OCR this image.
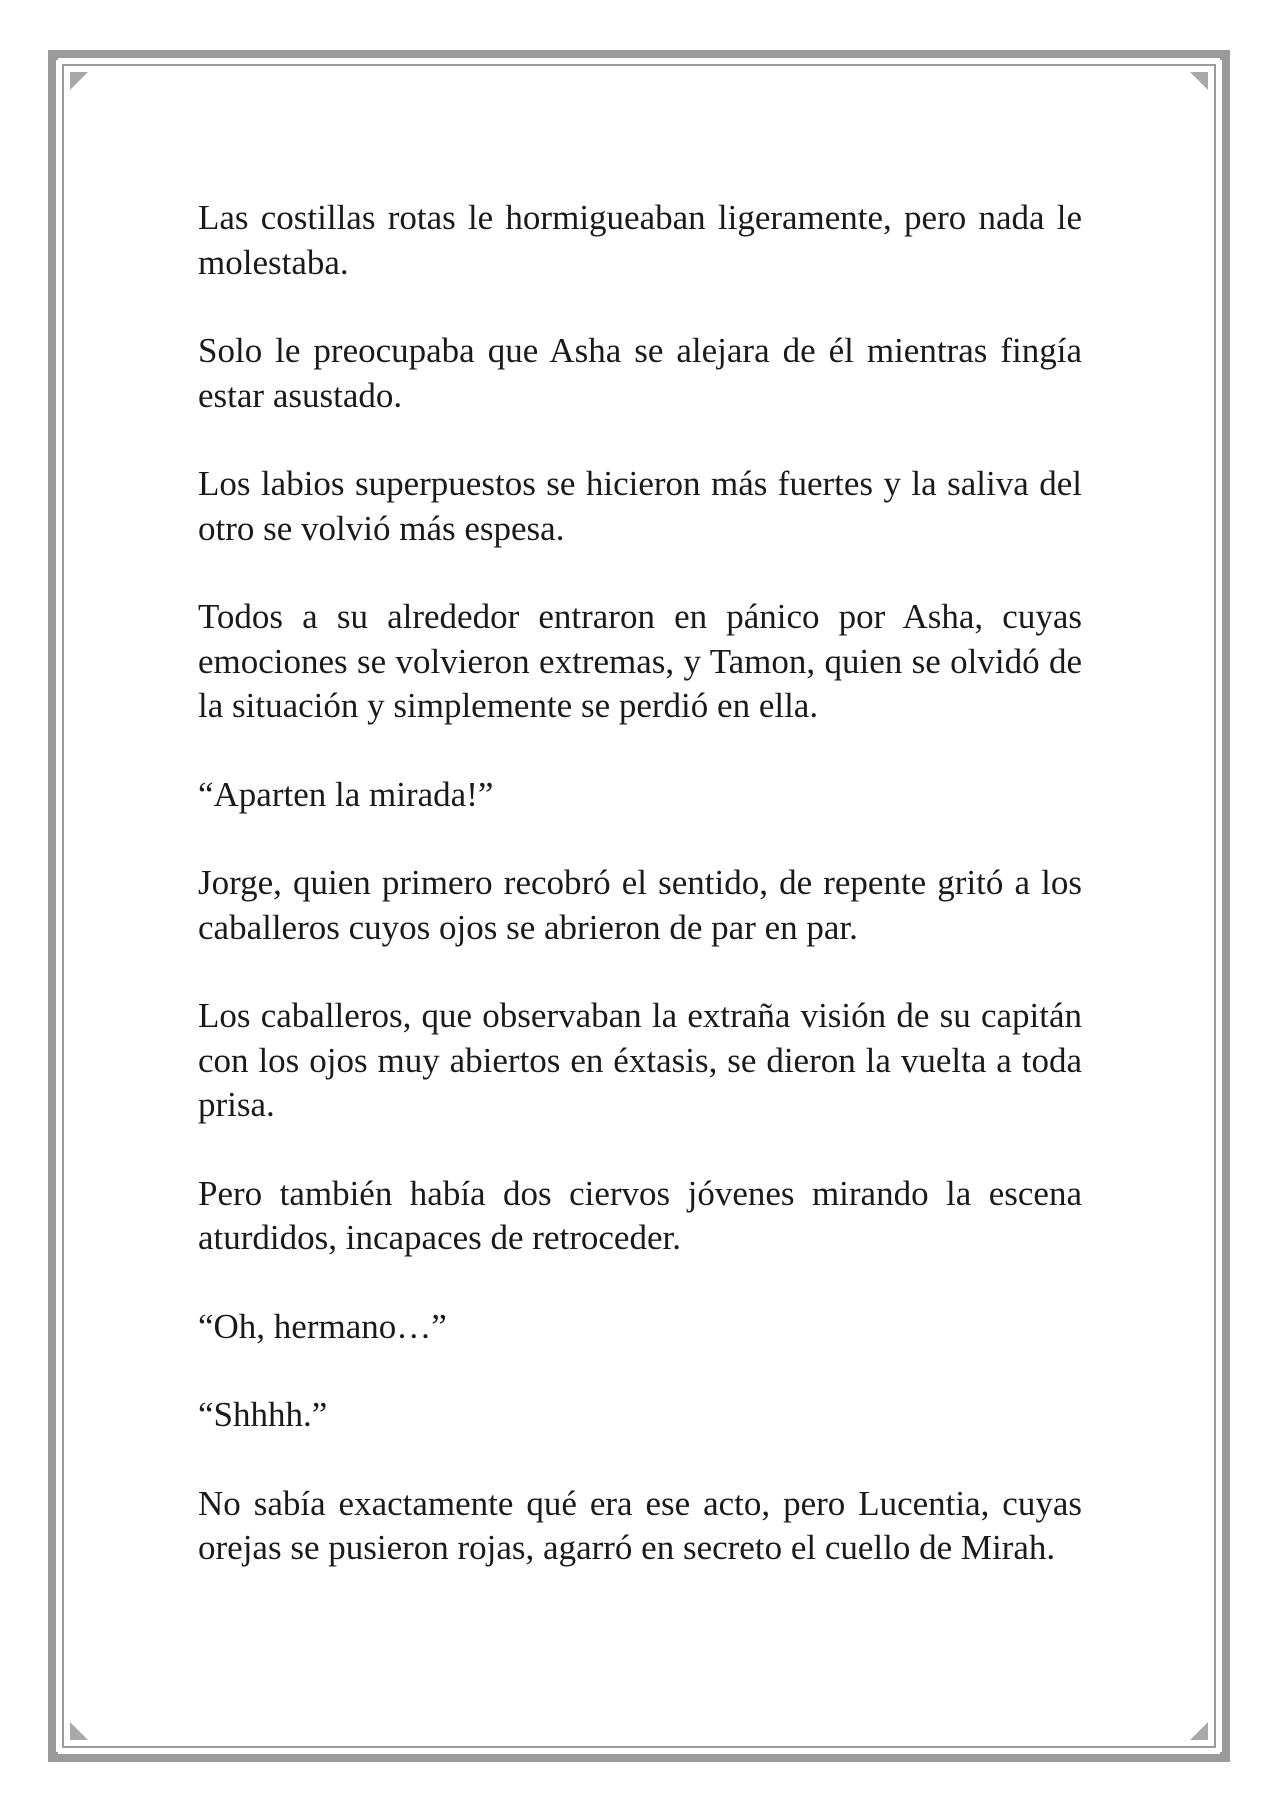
Las costillas rotas le hormigueaban ligeramente, pero nada le molestaba.

Solo le preocupaba que Asha se alejara de él mientras fingía estar asustado.

Los labios superpuestos se hicieron más fuertes y la saliva del otro se volvió más espesa.

Todos a su alrededor entraron en pánico por Asha, cuyas emociones se volvieron extremas, y Tamon, quien se olvidó de la situación y simplemente se perdió en ella.

“Aparten la mirada!”

Jorge, quien primero recobró el sentido, de repente gritó a los caballeros cuyos ojos se abrieron de par en par.

Los caballeros, que observaban la extraña visión de su capitán con los ojos muy abiertos en éxtasis, se dieron la vuelta a toda prisa.

Pero también había dos ciervos jóvenes mirando la escena aturdidos, incapaces de retroceder.

“Oh, hermano…”

“Shhhh.”

No sabía exactamente qué era ese acto, pero Lucentia, cuyas orejas se pusieron rojas, agarró en secreto el cuello de Mirah.
